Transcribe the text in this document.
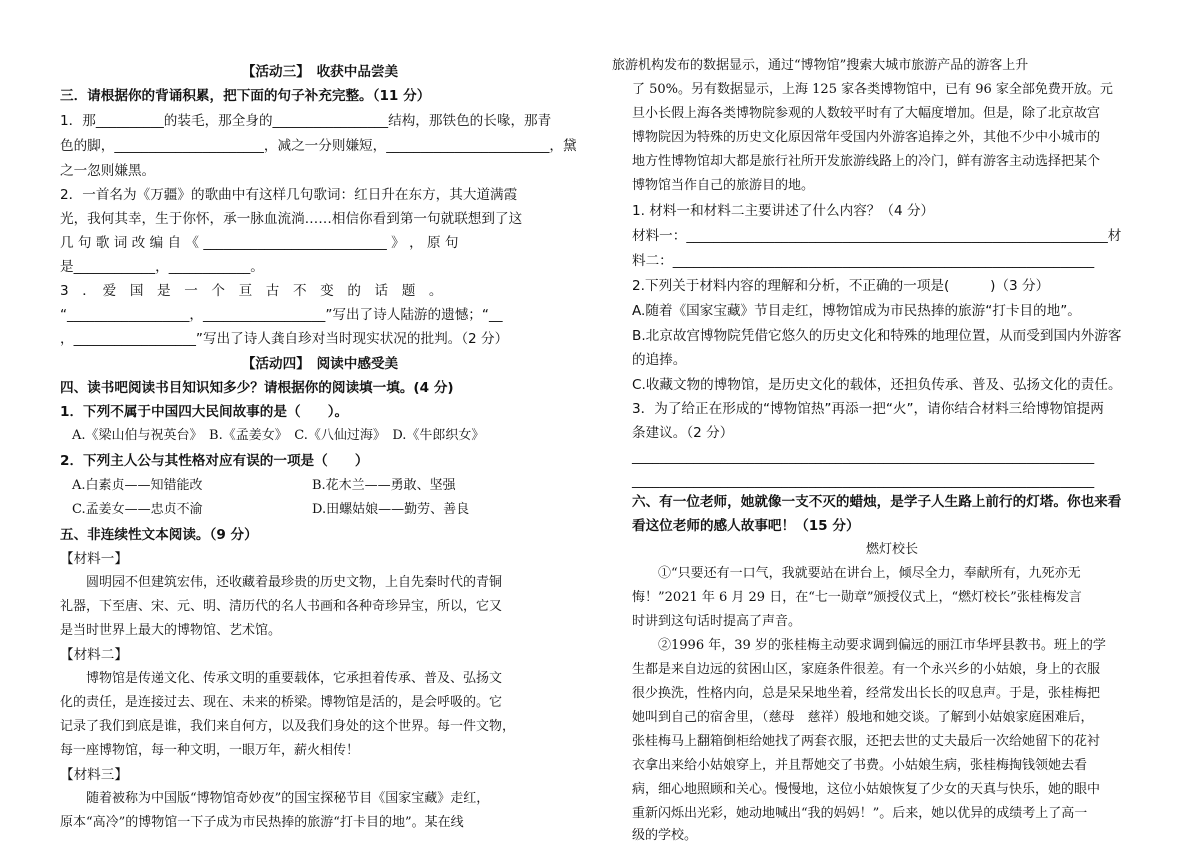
【活动三】　收获中品尝美
三．请根据你的背诵积累，把下面的句子补充完整。（11 分）
1．那__________的装毛，那全身的_________________结构，那铁色的长喙，那青
色的脚，______________________，减之一分则嫌短，________________________，黛
之一忽则嫌黑。
2．一首名为《万疆》的歌曲中有这样几句歌词：红日升在东方，其大道满霞
光，我何其幸，生于你怀，承一脉血流淌……相信你看到第一句就联想到了这
几 句 歌 词 改 编 自 《 ___________________________ 》 ， 原 句
是____________，____________。
3　．　爱　国　是　一　个　亘　古　不　变　的　话　题　。
“__________________，__________________”写出了诗人陆游的遗憾；“__
，__________________”写出了诗人龚自珍对当时现实状况的批判。（2 分）
【活动四】　阅读中感受美
四、读书吧阅读书目知识知多少？请根据你的阅读填一填。(4 分)
1．下列不属于中国四大民间故事的是（　　）。
A.《梁山伯与祝英台》　B.《孟姜女》　C.《八仙过海》　D.《牛郎织女》
2．下列主人公与其性格对应有误的一项是（　　）
A.白素贞——知错能改	B.花木兰——勇敢、坚强
C.孟姜女——忠贞不渝	D.田螺姑娘——勤劳、善良
五、非连续性文本阅读。（9 分）
【材料一】
　　圆明园不但建筑宏伟，还收藏着最珍贵的历史文物，上自先秦时代的青铜
礼器，下至唐、宋、元、明、清历代的名人书画和各种奇珍异宝，所以，它又
是当时世界上最大的博物馆、艺术馆。
【材料二】
　　博物馆是传递文化、传承文明的重要载体，它承担着传承、普及、弘扬文
化的责任，是连接过去、现在、未来的桥梁。博物馆是活的，是会呼吸的。它
记录了我们到底是谁，我们来自何方，以及我们身处的这个世界。每一件文物，
每一座博物馆，每一种文明，一眼万年，薪火相传！
【材料三】
　　随着被称为中国版“博物馆奇妙夜”的国宝探秘节目《国家宝藏》走红，
原本“高冷”的博物馆一下子成为市民热捧的旅游“打卡目的地”。某在线
旅游机构发布的数据显示，通过“博物馆”搜索大城市旅游产品的游客上升
了 50%。另有数据显示，上海 125 家各类博物馆中，已有 96 家全部免费开放。元
旦小长假上海各类博物院参观的人数较平时有了大幅度增加。但是，除了北京故宫
博物院因为特殊的历史文化原因常年受国内外游客追捧之外，其他不少中小城市的
地方性博物馆却大都是旅行社所开发旅游线路上的冷门，鲜有游客主动选择把某个
博物馆当作自己的旅游目的地。
1. 材料一和材料二主要讲述了什么内容？（4 分）
材料一：______________________________________________________________材
料二：______________________________________________________________
2.下列关于材料内容的理解和分析，不正确的一项是(　　　)（3 分）
A.随着《国家宝藏》节目走红，博物馆成为市民热捧的旅游“打卡目的地”。
B.北京故宫博物院凭借它悠久的历史文化和特殊的地理位置，从而受到国内外游客
的追捧。
C.收藏文物的博物馆，是历史文化的载体，还担负传承、普及、弘扬文化的责任。
3．为了给正在形成的“博物馆热”再添一把“火”，请你结合材料三给博物馆提两
条建议。（2 分）
____________________________________________________________________
____________________________________________________________________
六、有一位老师，她就像一支不灭的蜡烛，是学子人生路上前行的灯塔。你也来看
看这位老师的感人故事吧！（15 分）
燃灯校长
　　①“只要还有一口气，我就要站在讲台上，倾尽全力，奉献所有，九死亦无
悔！”2021 年 6 月 29 日，在“七一勋章”颁授仪式上，“燃灯校长”张桂梅发言
时讲到这句话时提高了声音。
　　②1996 年，39 岁的张桂梅主动要求调到偏远的丽江市华坪县教书。班上的学
生都是来自边远的贫困山区，家庭条件很差。有一个永兴乡的小姑娘，身上的衣服
很少换洗，性格内向，总是呆呆地坐着，经常发出长长的叹息声。于是，张桂梅把
她叫到自己的宿舍里，（慈母　慈祥）般地和她交谈。了解到小姑娘家庭困难后，
张桂梅马上翻箱倒柜给她找了两套衣服，还把去世的丈夫最后一次给她留下的花衬
衣拿出来给小姑娘穿上，并且帮她交了书费。小姑娘生病，张桂梅掏钱领她去看
病，细心地照顾和关心。慢慢地，这位小姑娘恢复了少女的天真与快乐，她的眼中
重新闪烁出光彩，她动地喊出“我的妈妈！”。后来，她以优异的成绩考上了高一
级的学校。
